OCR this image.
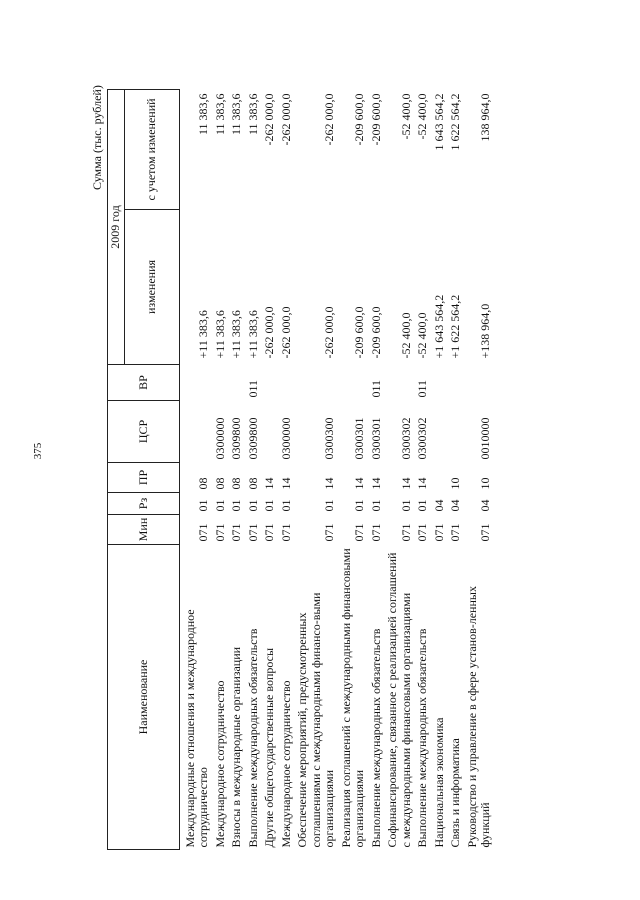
375
Сумма (тыс. рублей)
Наименование	Мин	Рз	ПР	ЦСР	ВР	2009 год	
						изменения	с учетом изменений
Международные отношения и международное сотрудничество	071	01	08			+11 383,6	11 383,6
Международное сотрудничество	071	01	08	0300000		+11 383,6	11 383,6
Взносы в международные организации	071	01	08	0309800		+11 383,6	11 383,6
Выполнение международных обязательств	071	01	08	0309800	011	+11 383,6	11 383,6
Другие общегосударственные вопросы	071	01	14			-262 000,0	-262 000,0
Международное сотрудничество	071	01	14	0300000		-262 000,0	-262 000,0
Обеспечение мероприятий, предусмотренных соглашениями с международными финансо-выми организациями	071	01	14	0300300		-262 000,0	-262 000,0
Реализация соглашений с международными финансовыми организациями	071	01	14	0300301		-209 600,0	-209 600,0
Выполнение международных обязательств	071	01	14	0300301	011	-209 600,0	-209 600,0
Софинансирование, связанное с реализацией соглашений с международными финансовыми организациями	071	01	14	0300302		-52 400,0	-52 400,0
Выполнение международных обязательств	071	01	14	0300302	011	-52 400,0	-52 400,0
Национальная экономика	071	04				+1 643 564,2	1 643 564,2
Связь и информатика	071	04	10			+1 622 564,2	1 622 564,2
Руководство и управление в сфере установ-ленных функций	071	04	10	0010000		+138 964,0	138 964,0
